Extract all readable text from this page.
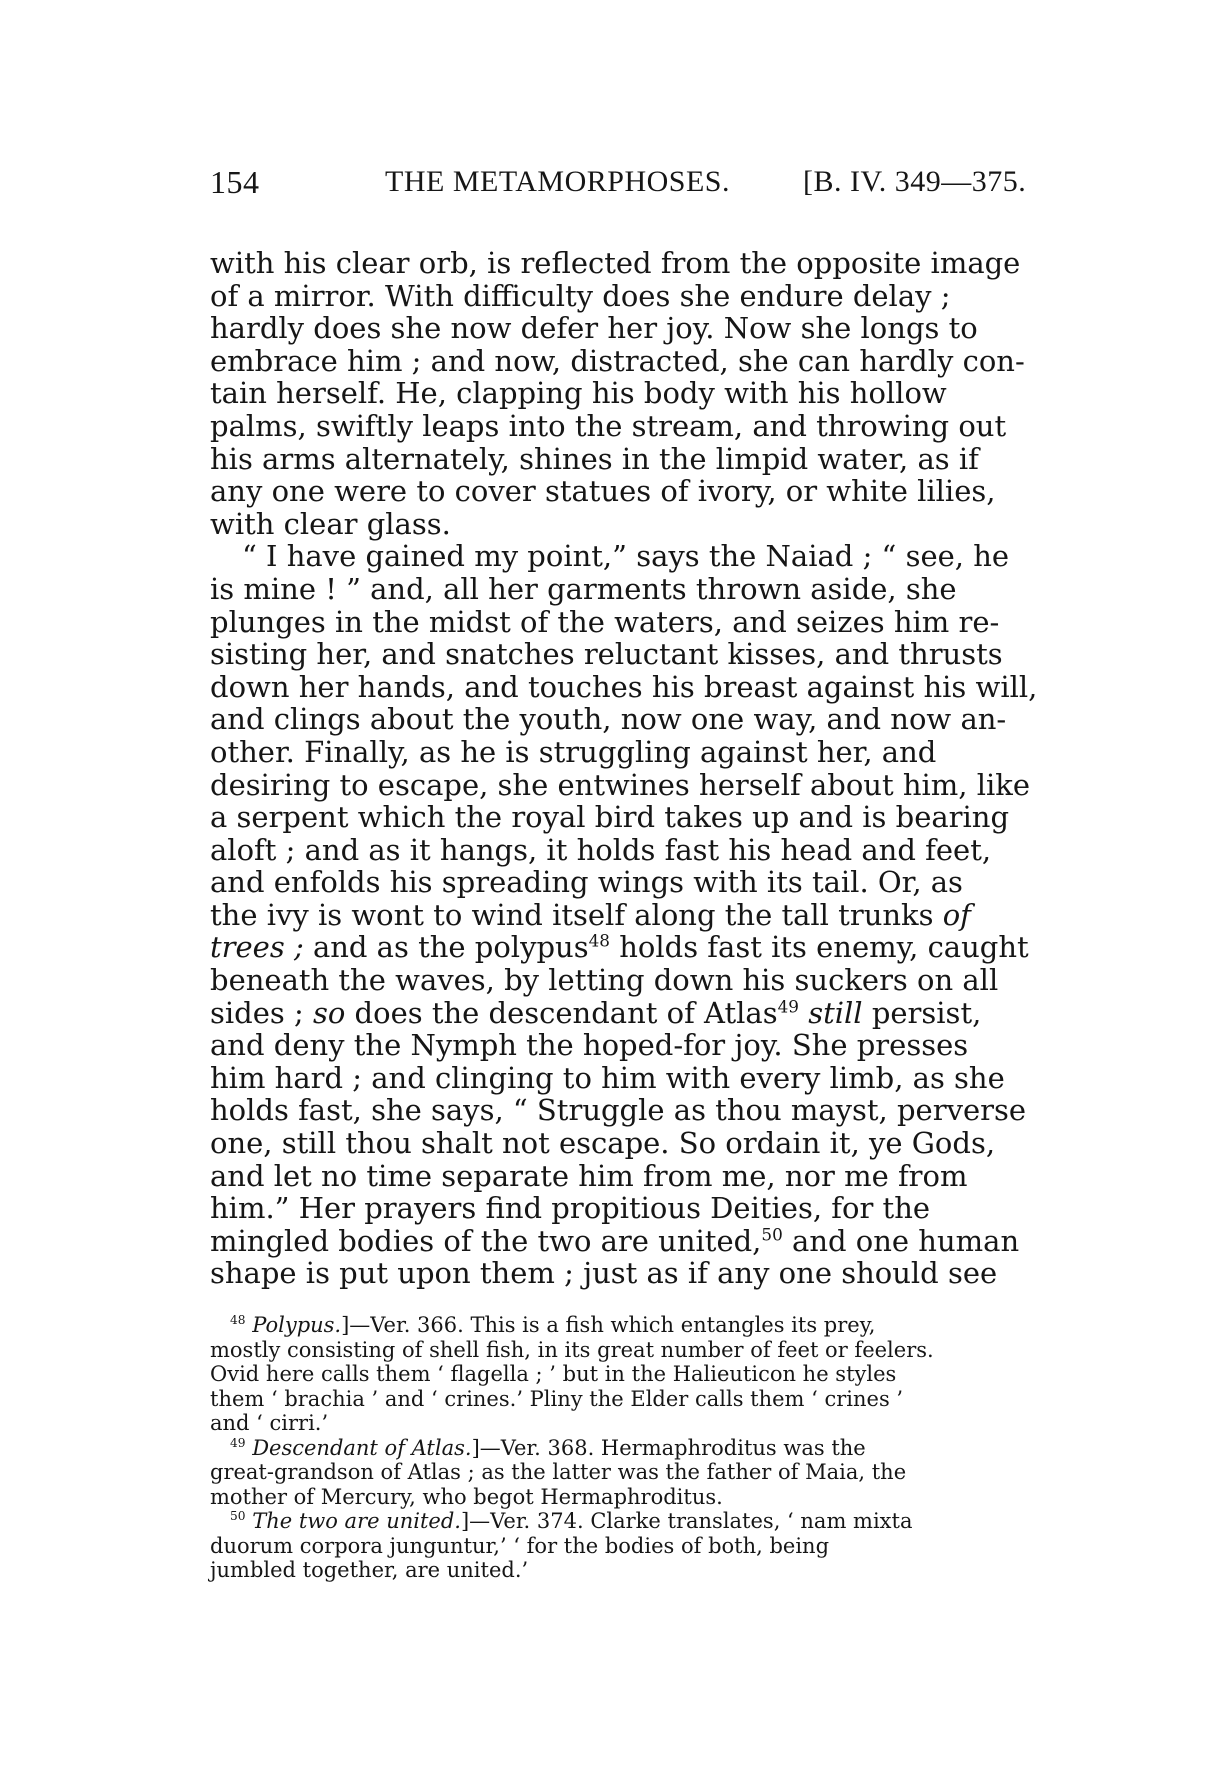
154	THE METAMORPHOSES. [B. IV. 349—375.
with his clear orb, is reflected from the opposite image
of a mirror. With difficulty does she endure delay ;
hardly does she now defer her joy. Now she longs to
embrace him ; and now, distracted, she can hardly con-
tain herself. He, clapping his body with his hollow
palms, swiftly leaps into the stream, and throwing out
his arms alternately, shines in the limpid water, as if
any one were to cover statues of ivory, or white lilies,
with clear glass.
“ I have gained my point,” says the Naiad ; “ see, he
is mine ! ” and, all her garments thrown aside, she
plunges in the midst of the waters, and seizes him re-
sisting her, and snatches reluctant kisses, and thrusts
down her hands, and touches his breast against his will,
and clings about the youth, now one way, and now an-
other. Finally, as he is struggling against her, and
desiring to escape, she entwines herself about him, like
a serpent which the royal bird takes up and is bearing
aloft ; and as it hangs, it holds fast his head and feet,
and enfolds his spreading wings with its tail. Or, as
the ivy is wont to wind itself along the tall trunks of
trees ; and as the polypus$^{48}$ holds fast its enemy, caught
beneath the waves, by letting down his suckers on all
sides ; so does the descendant of Atlas$^{49}$ still persist,
and deny the Nymph the hoped-for joy. She presses
him hard ; and clinging to him with every limb, as she
holds fast, she says, “ Struggle as thou mayst, perverse
one, still thou shalt not escape. So ordain it, ye Gods,
and let no time separate him from me, nor me from
him.” Her prayers find propitious Deities, for the
mingled bodies of the two are united,$^{50}$ and one human
shape is put upon them ; just as if any one should see
$^{48}$ Polypus.]—Ver. 366. This is a fish which entangles its prey,
mostly consisting of shell fish, in its great number of feet or feelers.
Ovid here calls them ‘ flagella ; ’ but in the Halieuticon he styles
them ‘ brachia ’ and ‘ crines.’ Pliny the Elder calls them ‘ crines ’
and ‘ cirri.’
$^{49}$ Descendant of Atlas.]—Ver. 368. Hermaphroditus was the
great-grandson of Atlas ; as the latter was the father of Maia, the
mother of Mercury, who begot Hermaphroditus.
$^{50}$ The two are united.]—Ver. 374. Clarke translates, ‘ nam mixta
duorum corpora junguntur,’ ‘ for the bodies of both, being
jumbled together, are united.’
